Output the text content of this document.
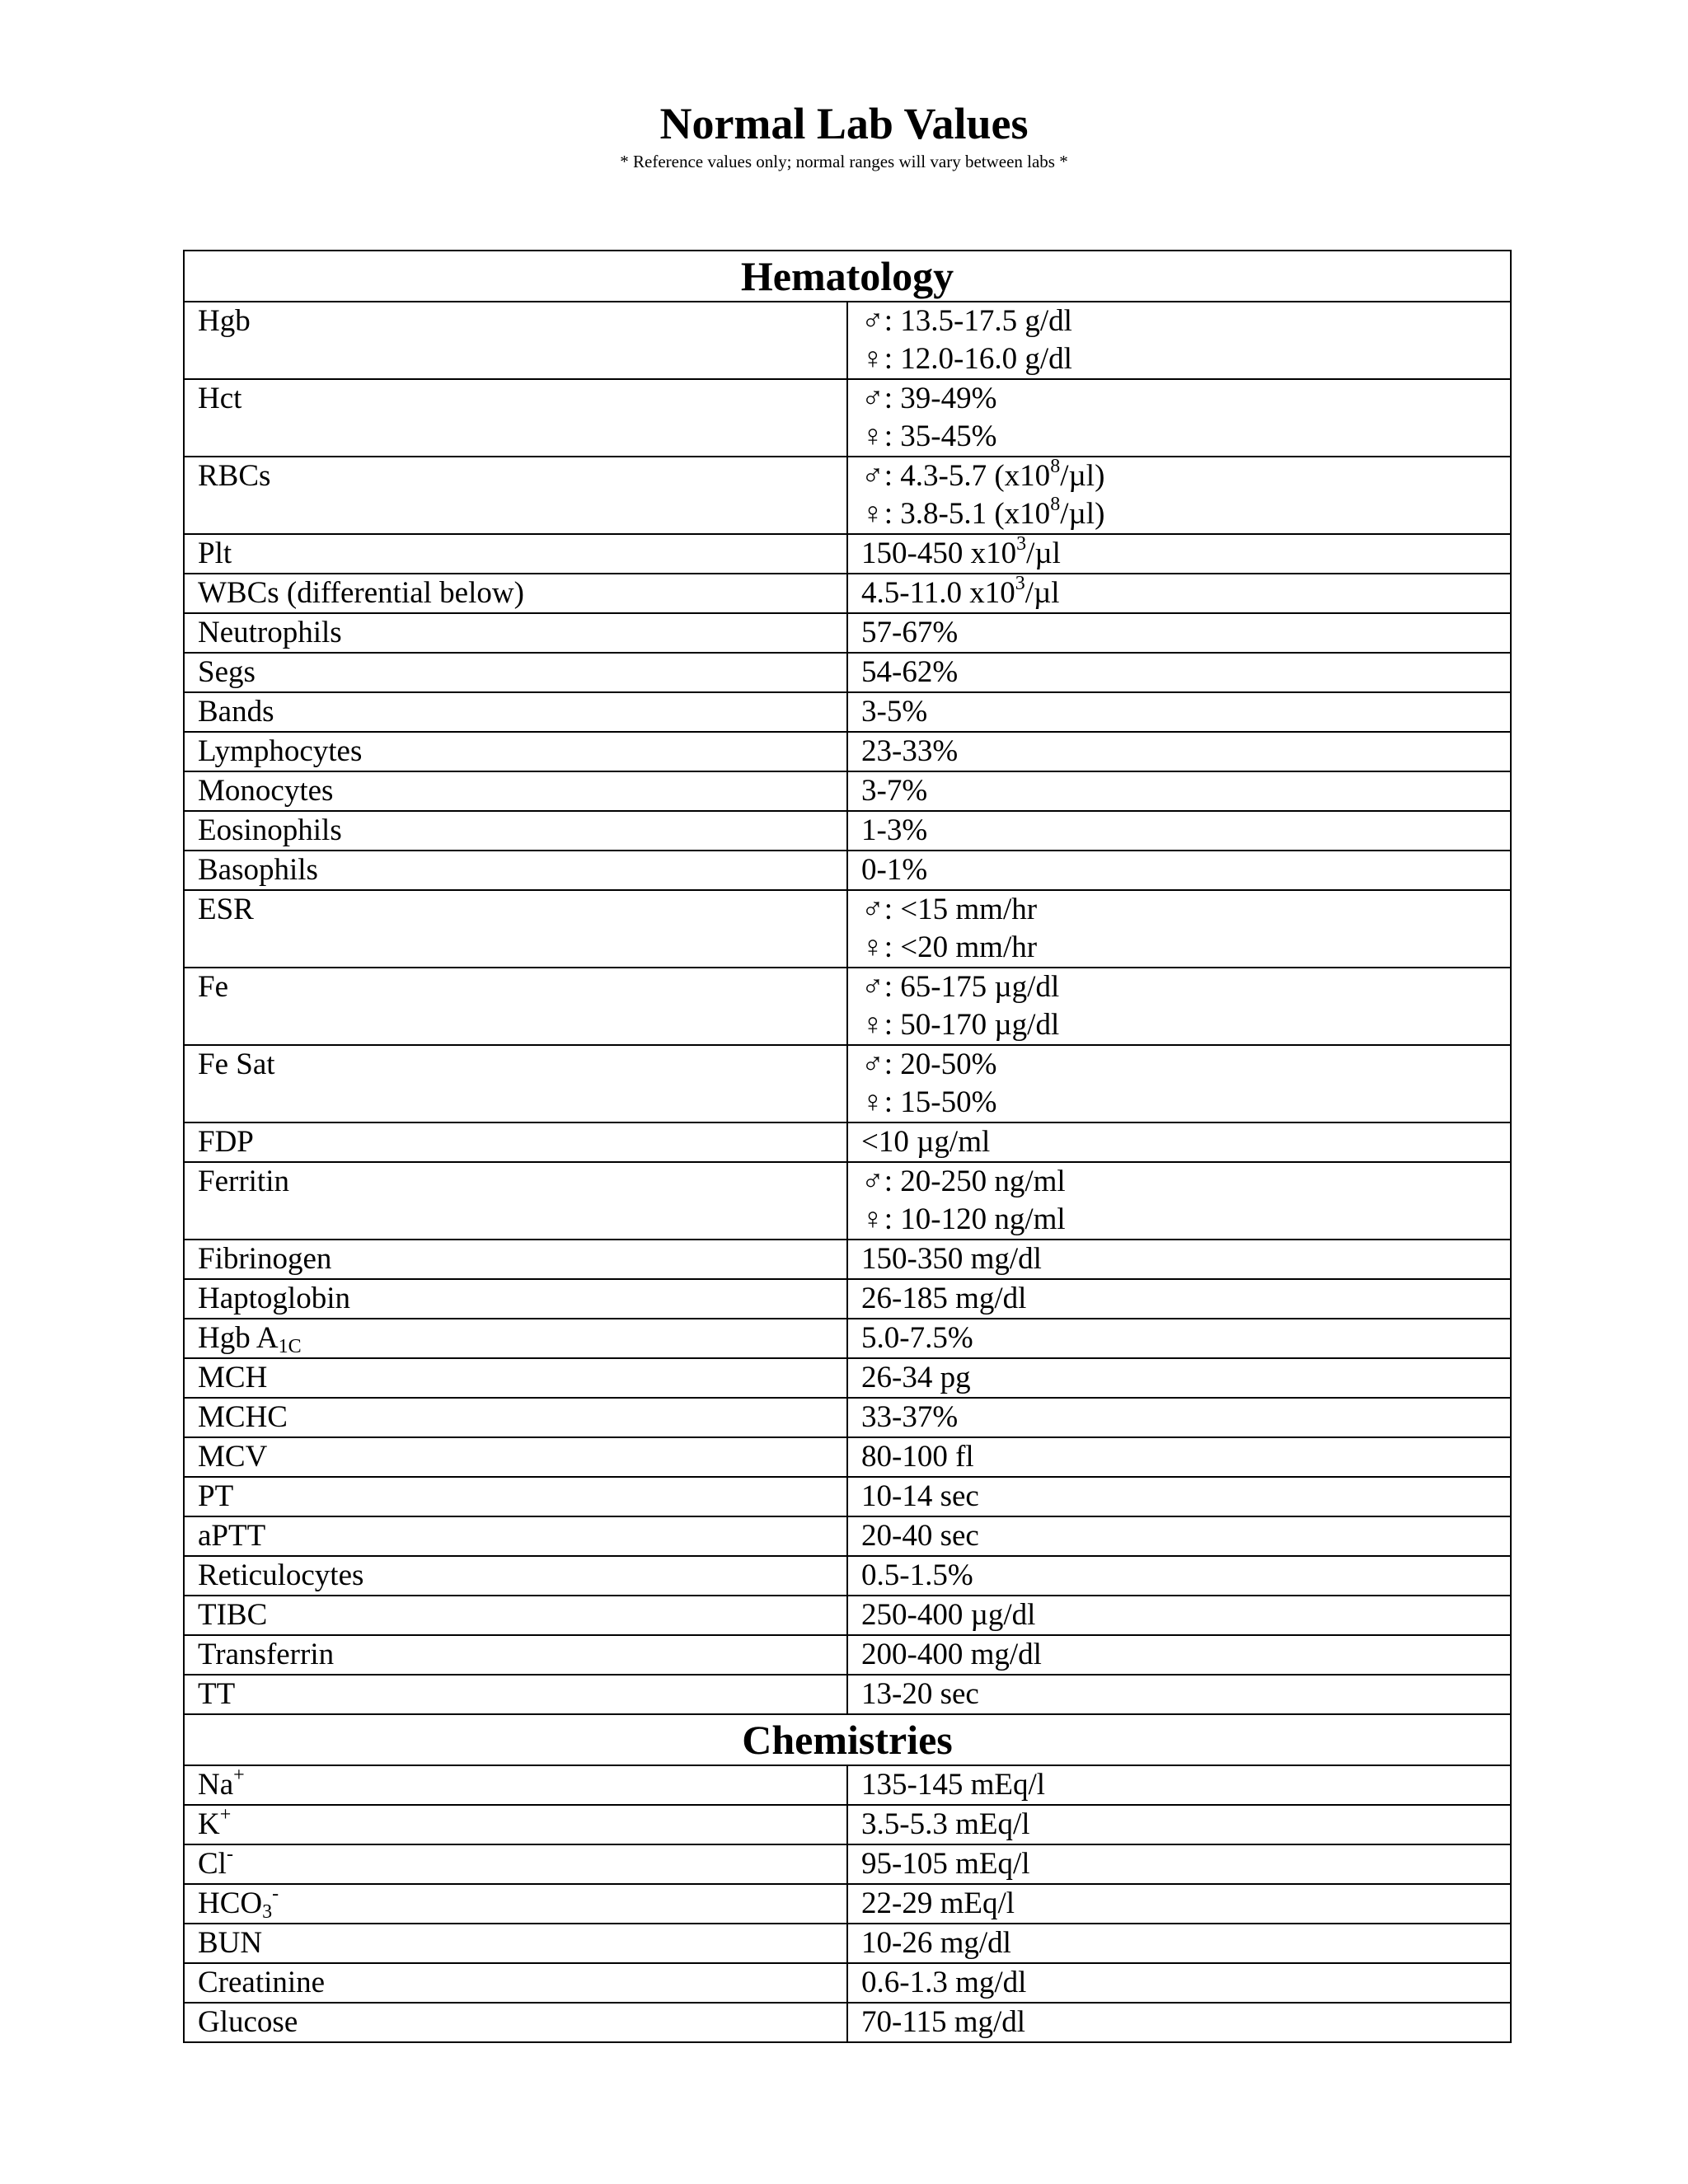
Normal Lab Values
* Reference values only; normal ranges will vary between labs *
Hematology	
Hgb	♂: 13.5-17.5 g/dl
♀: 12.0-16.0 g/dl

Hct	♂: 39-49%
♀: 35-45%

RBCs	♂: 4.3-5.7 $(x10^8/\mu l)$
♀: 3.8-5.1 $(x10^8/\mu l)$

Plt	150-450 $x10^3/\mu l$

WBCs (differential below)	4.5-11.0 $x10^3/\mu l$

Neutrophils	57-67%

Segs	54-62%

Bands	3-5%

Lymphocytes	23-33%

Monocytes	3-7%

Eosinophils	1-3%

Basophils	0-1%

ESR	♂: <15 mm/hr
♀: <20 mm/hr

Fe	♂: 65-175 µg/dl
♀: 50-170 µg/dl

Fe Sat	♂: 20-50%
♀: 15-50%

FDP	<10 µg/ml

Ferritin	♂: 20-250 ng/ml
♀: 10-120 ng/ml

Fibrinogen	150-350 mg/dl

Haptoglobin	26-185 mg/dl

Hgb $A_{1C}$	5.0-7.5%

MCH	26-34 pg

MCHC	33-37%

MCV	80-100 fl

PT	10-14 sec

aPTT	20-40 sec

Reticulocytes	0.5-1.5%

TIBC	250-400 µg/dl

Transferrin	200-400 mg/dl

TT	13-20 sec

Chemistries	
Na+	135-145 mEq/l

K+	3.5-5.3 mEq/l

Cl-	95-105 mEq/l

$HCO_3^-$	22-29 mEq/l

BUN	10-26 mg/dl

Creatinine	0.6-1.3 mg/dl

Glucose	70-115 mg/dl
